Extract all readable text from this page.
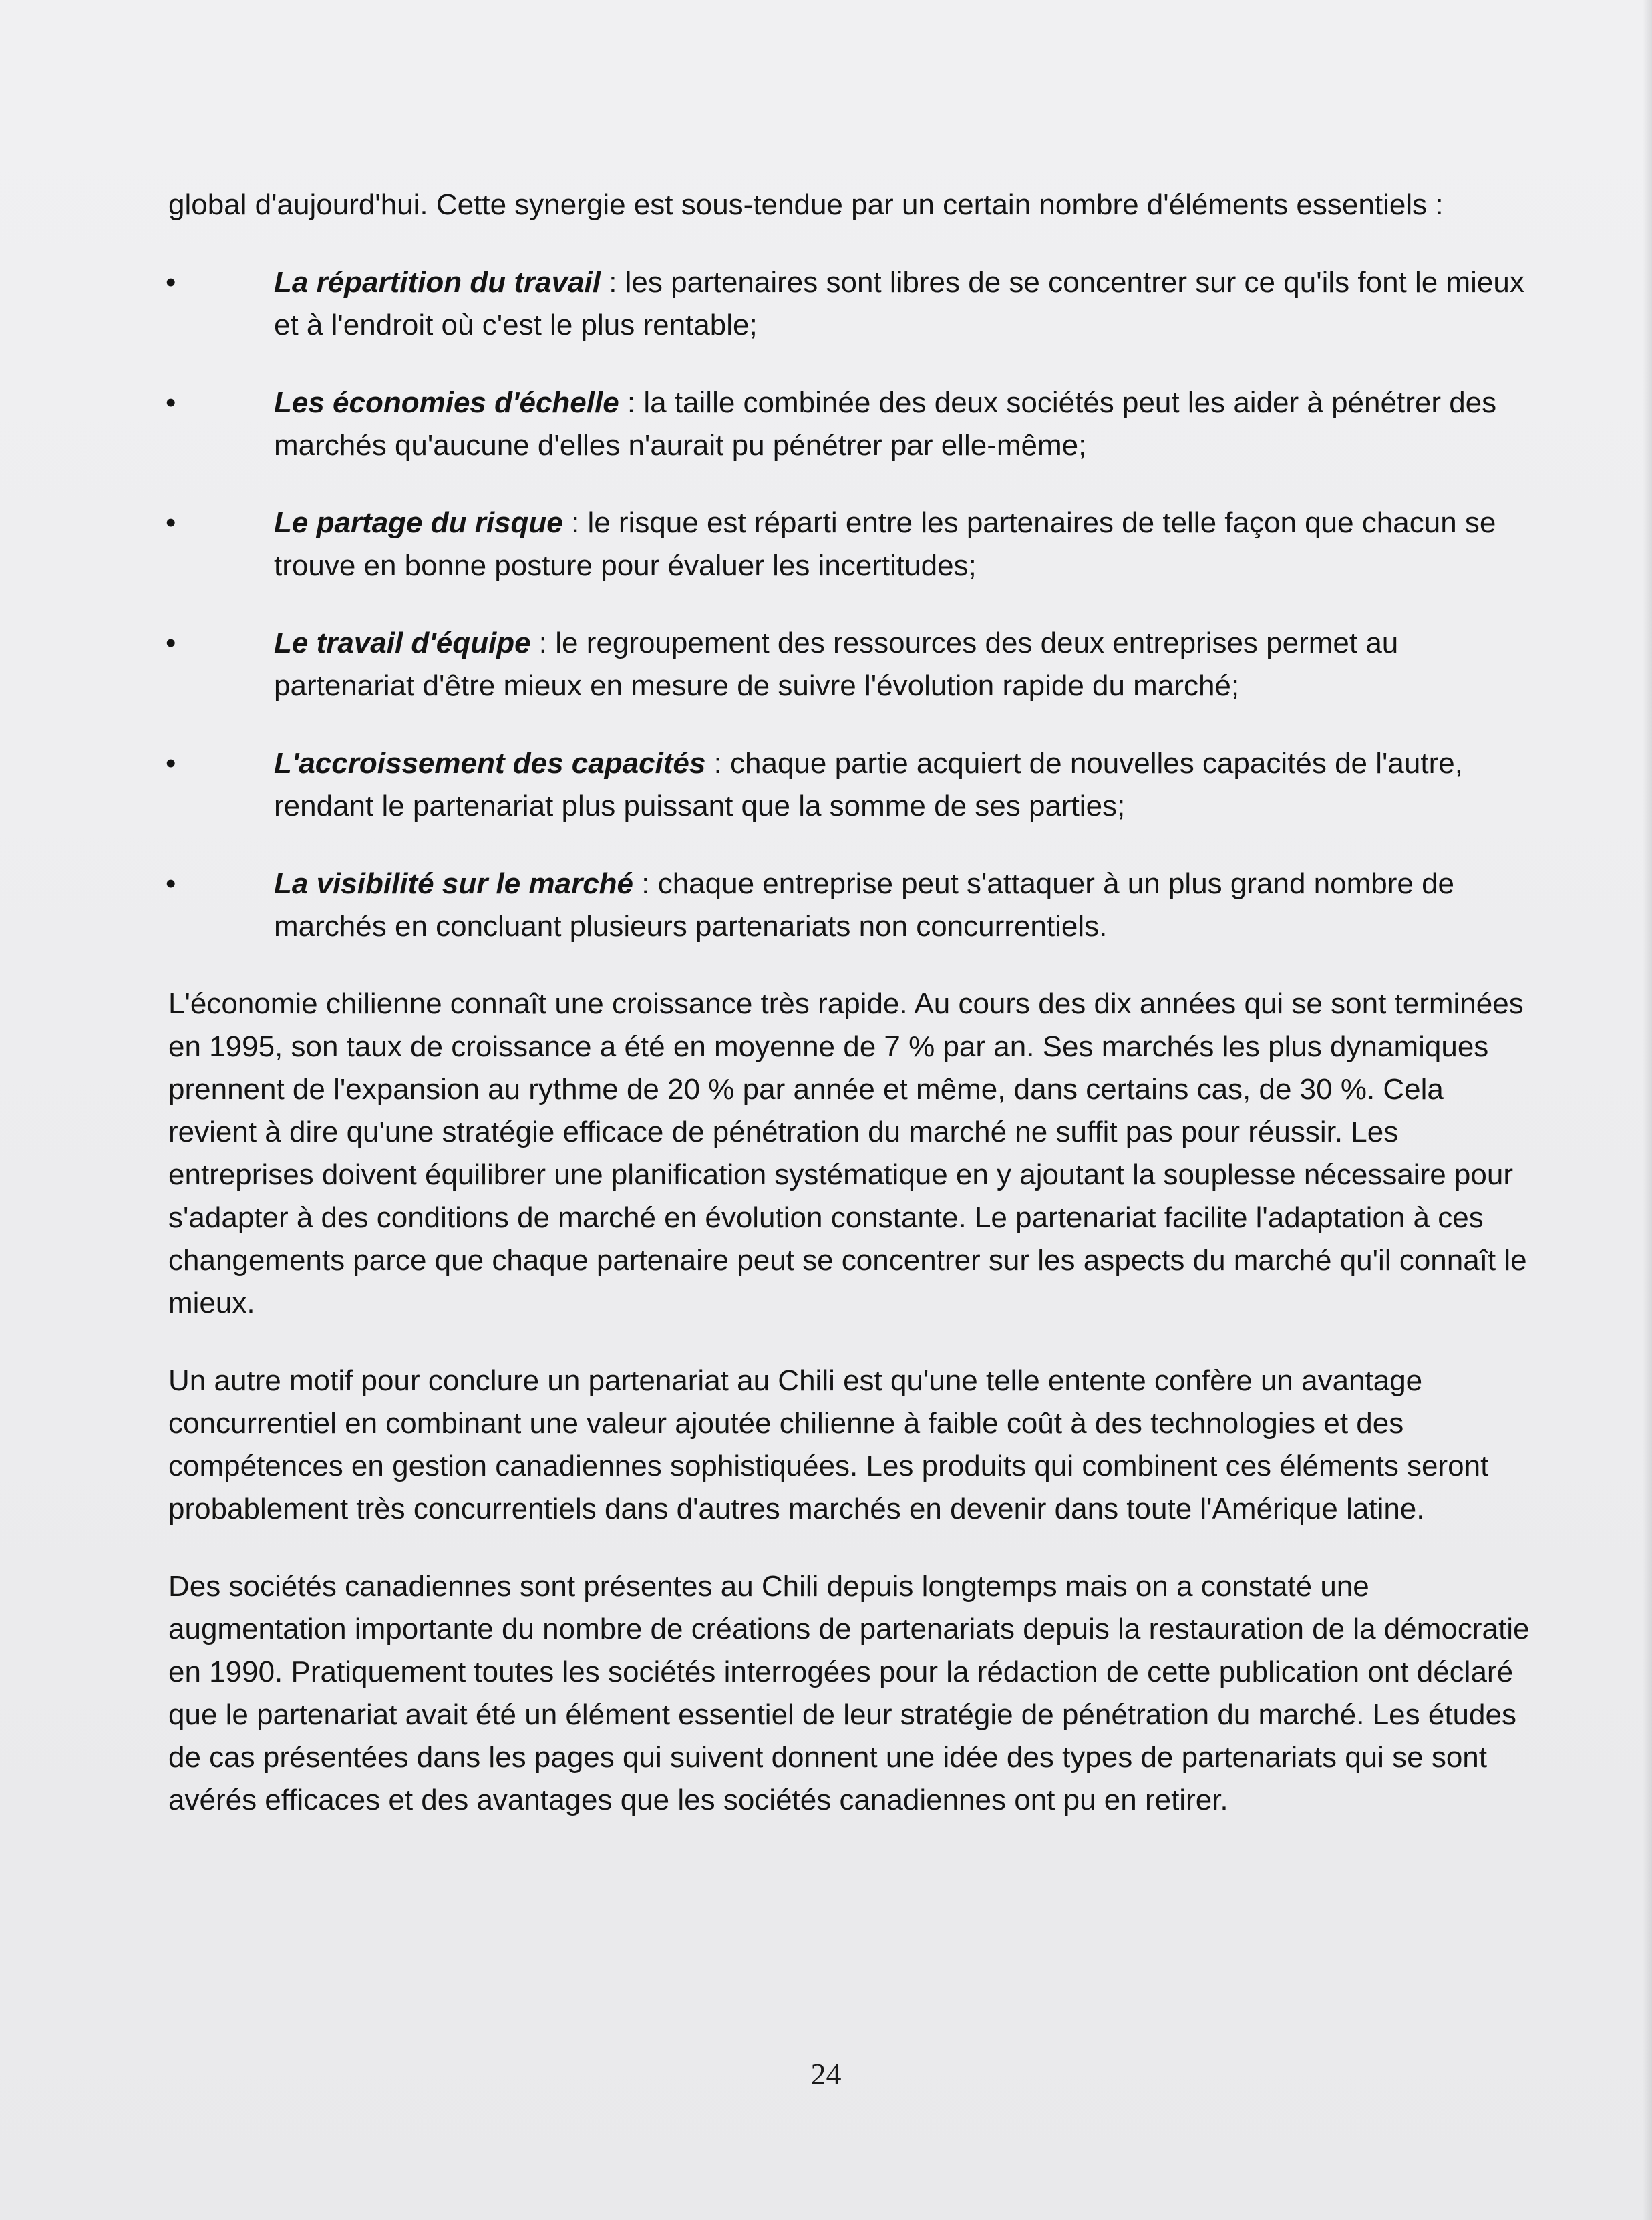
global d'aujourd'hui. Cette synergie est sous-tendue par un certain nombre d'éléments essentiels :

•	La répartition du travail : les partenaires sont libres de se concentrer sur ce qu'ils font le mieux et à l'endroit où c'est le plus rentable;
•	Les économies d'échelle : la taille combinée des deux sociétés peut les aider à pénétrer des marchés qu'aucune d'elles n'aurait pu pénétrer par elle-même;
•	Le partage du risque : le risque est réparti entre les partenaires de telle façon que chacun se trouve en bonne posture pour évaluer les incertitudes;
•	Le travail d'équipe : le regroupement des ressources des deux entreprises permet au partenariat d'être mieux en mesure de suivre l'évolution rapide du marché;
•	L'accroissement des capacités : chaque partie acquiert de nouvelles capacités de l'autre, rendant le partenariat plus puissant que la somme de ses parties;
•	La visibilité sur le marché : chaque entreprise peut s'attaquer à un plus grand nombre de marchés en concluant plusieurs partenariats non concurrentiels.

L'économie chilienne connaît une croissance très rapide. Au cours des dix années qui se sont terminées en 1995, son taux de croissance a été en moyenne de 7 % par an. Ses marchés les plus dynamiques prennent de l'expansion au rythme de 20 % par année et même, dans certains cas, de 30 %. Cela revient à dire qu'une stratégie efficace de pénétration du marché ne suffit pas pour réussir. Les entreprises doivent équilibrer une planification systématique en y ajoutant la souplesse nécessaire pour s'adapter à des conditions de marché en évolution constante. Le partenariat facilite l'adaptation à ces changements parce que chaque partenaire peut se concentrer sur les aspects du marché qu'il connaît le mieux.

Un autre motif pour conclure un partenariat au Chili est qu'une telle entente confère un avantage concurrentiel en combinant une valeur ajoutée chilienne à faible coût à des technologies et des compétences en gestion canadiennes sophistiquées. Les produits qui combinent ces éléments seront probablement très concurrentiels dans d'autres marchés en devenir dans toute l'Amérique latine.

Des sociétés canadiennes sont présentes au Chili depuis longtemps mais on a constaté une augmentation importante du nombre de créations de partenariats depuis la restauration de la démocratie en 1990. Pratiquement toutes les sociétés interrogées pour la rédaction de cette publication ont déclaré que le partenariat avait été un élément essentiel de leur stratégie de pénétration du marché. Les études de cas présentées dans les pages qui suivent donnent une idée des types de partenariats qui se sont avérés efficaces et des avantages que les sociétés canadiennes ont pu en retirer.

24
